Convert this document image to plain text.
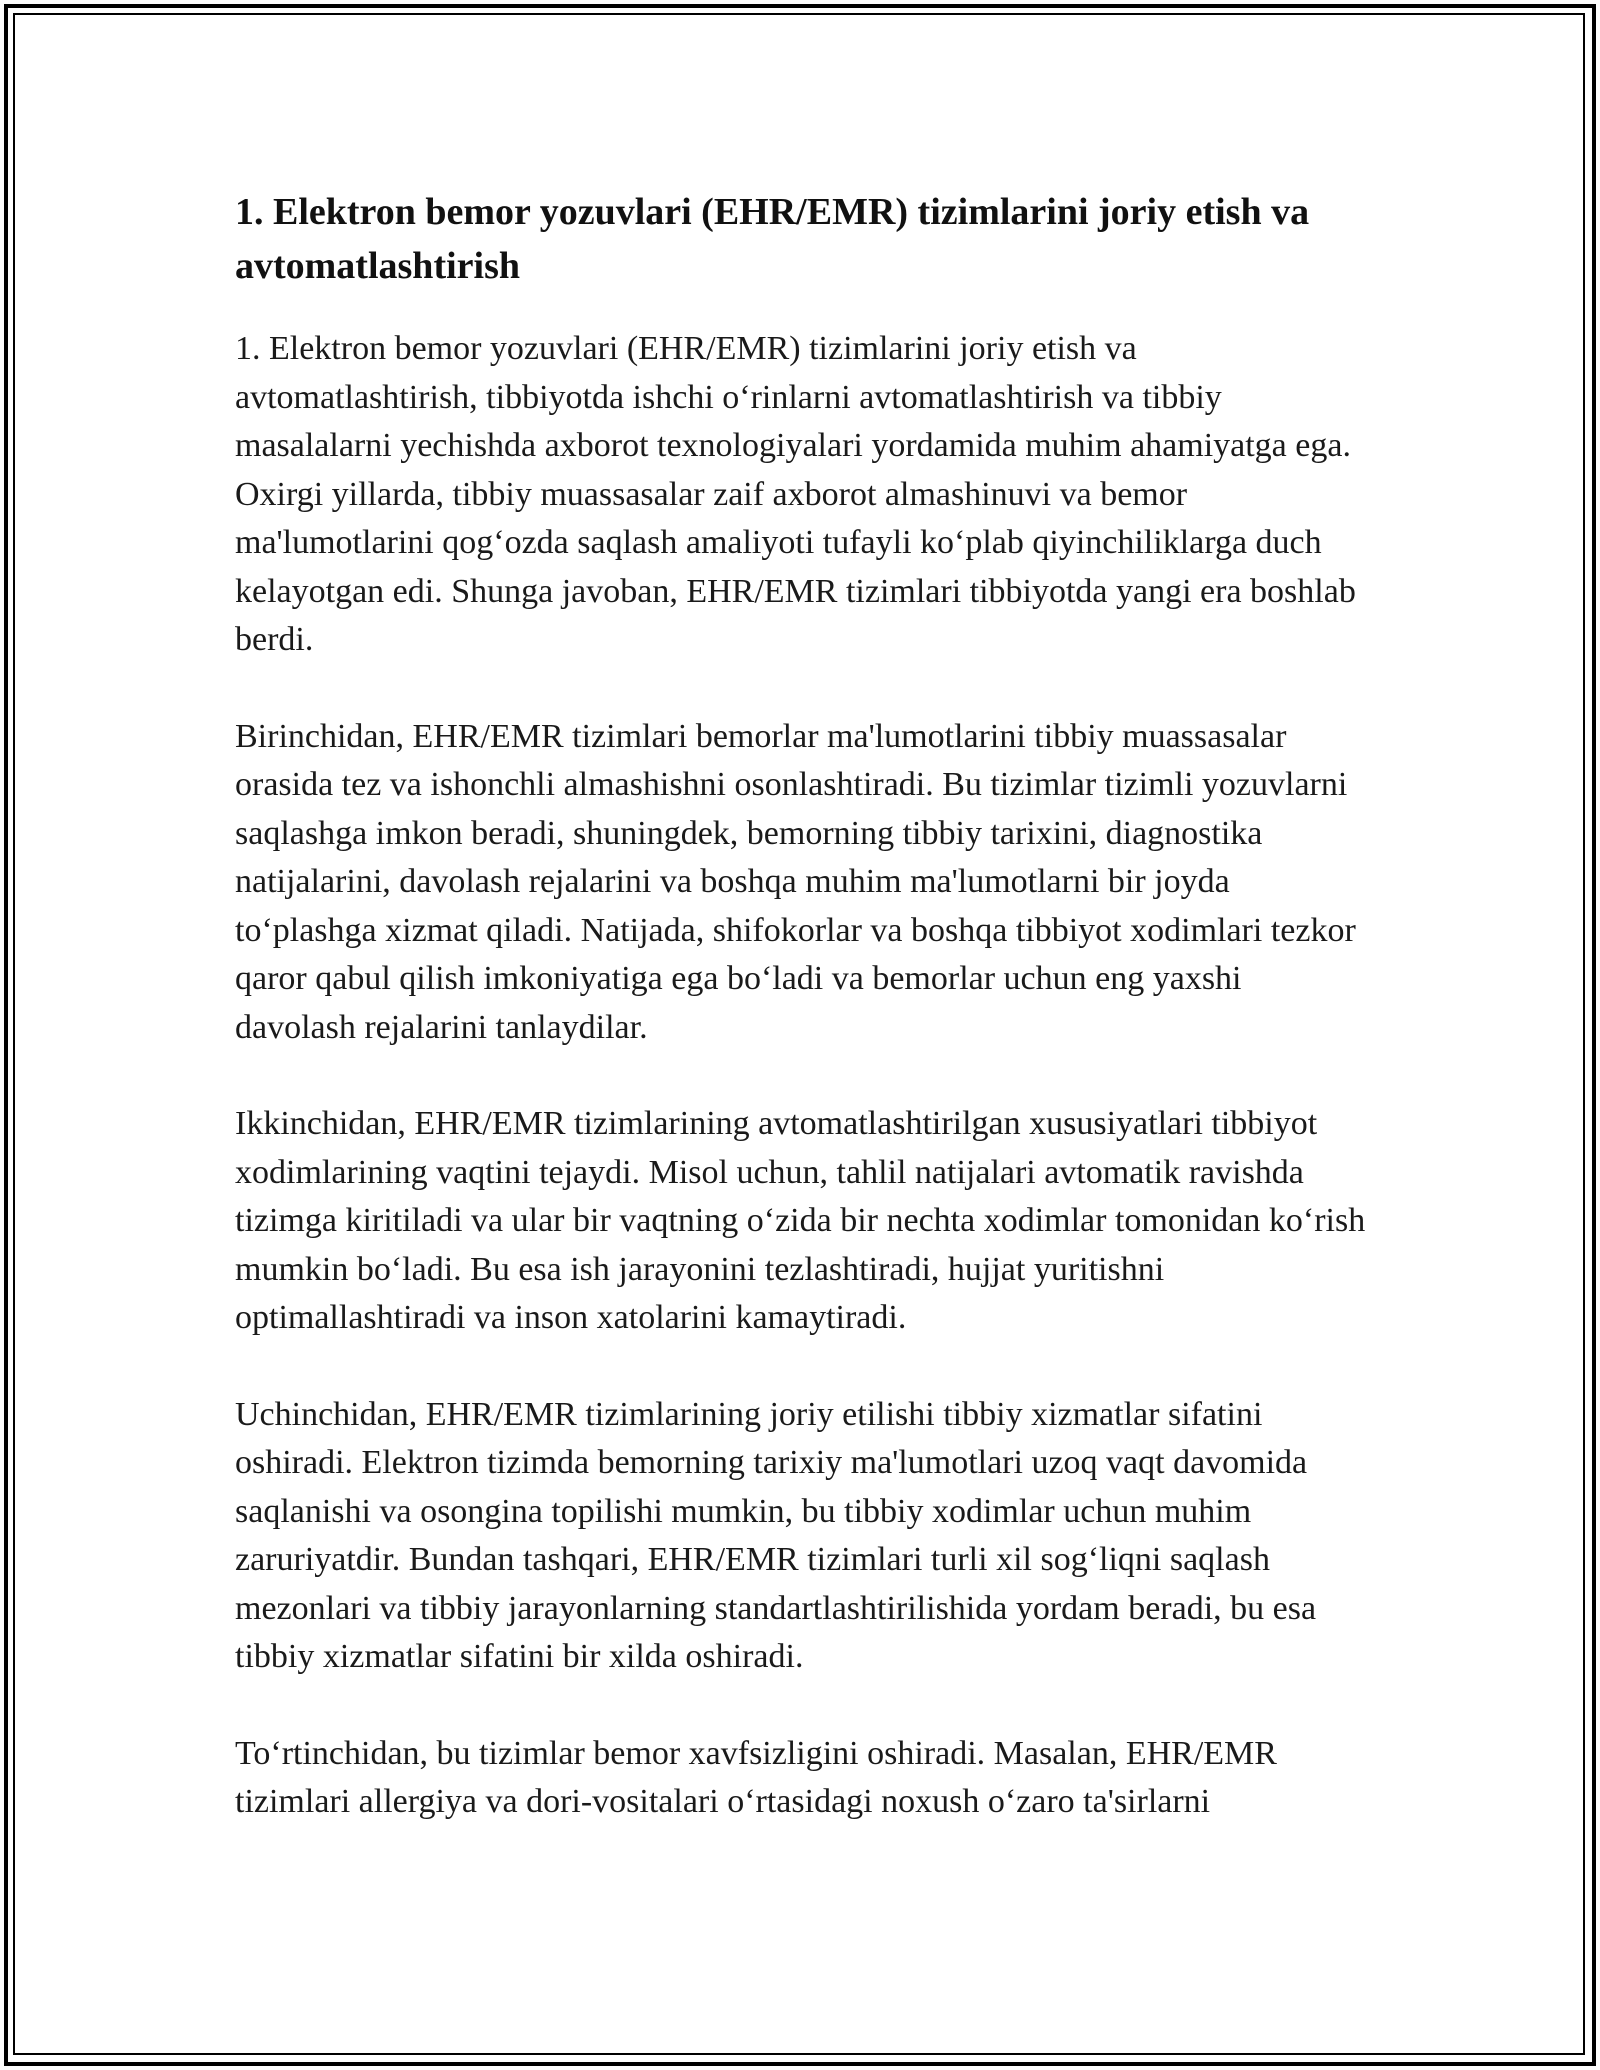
1. Elektron bemor yozuvlari (EHR/EMR) tizimlarini joriy etish va avtomatlashtirish

1. Elektron bemor yozuvlari (EHR/EMR) tizimlarini joriy etish va avtomatlashtirish, tibbiyotda ishchi o‘rinlarni avtomatlashtirish va tibbiy masalalarni yechishda axborot texnologiyalari yordamida muhim ahamiyatga ega. Oxirgi yillarda, tibbiy muassasalar zaif axborot almashinuvi va bemor ma'lumotlarini qog‘ozda saqlash amaliyoti tufayli ko‘plab qiyinchiliklarga duch kelayotgan edi. Shunga javoban, EHR/EMR tizimlari tibbiyotda yangi era boshlab berdi.

Birinchidan, EHR/EMR tizimlari bemorlar ma'lumotlarini tibbiy muassasalar orasida tez va ishonchli almashishni osonlashtiradi. Bu tizimlar tizimli yozuvlarni saqlashga imkon beradi, shuningdek, bemorning tibbiy tarixini, diagnostika natijalarini, davolash rejalarini va boshqa muhim ma'lumotlarni bir joyda to‘plashga xizmat qiladi. Natijada, shifokorlar va boshqa tibbiyot xodimlari tezkor qaror qabul qilish imkoniyatiga ega bo‘ladi va bemorlar uchun eng yaxshi davolash rejalarini tanlaydilar.

Ikkinchidan, EHR/EMR tizimlarining avtomatlashtirilgan xususiyatlari tibbiyot xodimlarining vaqtini tejaydi. Misol uchun, tahlil natijalari avtomatik ravishda tizimga kiritiladi va ular bir vaqtning o‘zida bir nechta xodimlar tomonidan ko‘rish mumkin bo‘ladi. Bu esa ish jarayonini tezlashtiradi, hujjat yuritishni optimallashtiradi va inson xatolarini kamaytiradi.

Uchinchidan, EHR/EMR tizimlarining joriy etilishi tibbiy xizmatlar sifatini oshiradi. Elektron tizimda bemorning tarixiy ma'lumotlari uzoq vaqt davomida saqlanishi va osongina topilishi mumkin, bu tibbiy xodimlar uchun muhim zaruriyatdir. Bundan tashqari, EHR/EMR tizimlari turli xil sog‘liqni saqlash mezonlari va tibbiy jarayonlarning standartlashtirilishida yordam beradi, bu esa tibbiy xizmatlar sifatini bir xilda oshiradi.

To‘rtinchidan, bu tizimlar bemor xavfsizligini oshiradi. Masalan, EHR/EMR tizimlari allergiya va dori-vositalari o‘rtasidagi noxush o‘zaro ta'sirlarni
